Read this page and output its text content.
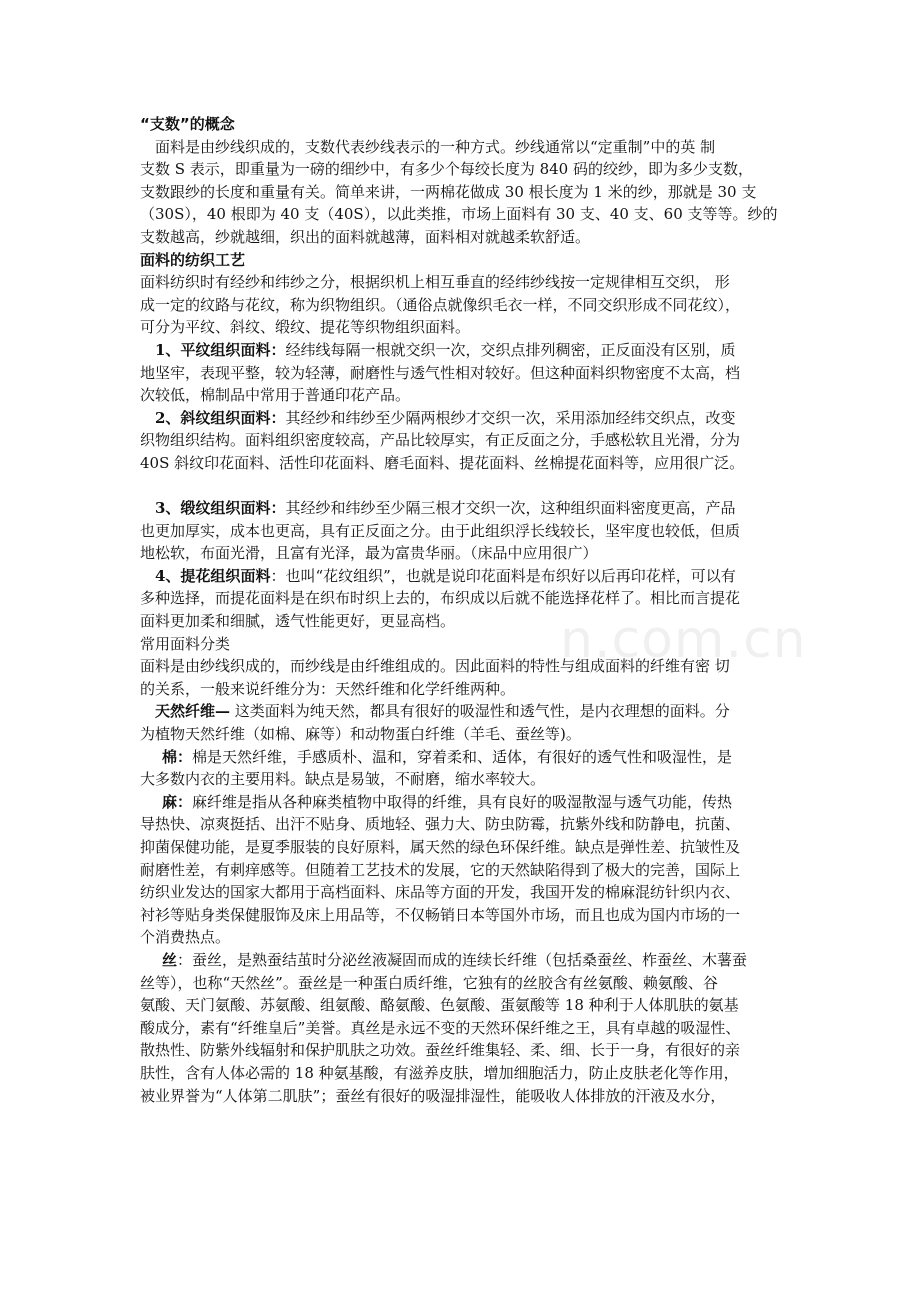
n.com.cn
“支数”的概念
面料是由纱线织成的，支数代表纱线表示的一种方式。纱线通常以“定重制”中的英 制
支数 S 表示，即重量为一磅的细纱中，有多少个每绞长度为 840 码的绞纱，即为多少支数，
支数跟纱的长度和重量有关。简单来讲，一两棉花做成 30 根长度为 1 米的纱，那就是 30 支
（30S），40 根即为 40 支（40S），以此类推，市场上面料有 30 支、40 支、60 支等等。纱的
支数越高，纱就越细，织出的面料就越薄，面料相对就越柔软舒适。
面料的纺织工艺
面料纺织时有经纱和纬纱之分，根据织机上相互垂直的经纬纱线按一定规律相互交织， 形
成一定的纹路与花纹，称为织物组织。（通俗点就像织毛衣一样，不同交织形成不同花纹），
可分为平纹、斜纹、缎纹、提花等织物组织面料。
1、平纹组织面料：经纬线每隔一根就交织一次，交织点排列稠密，正反面没有区别，质
地坚牢，表现平整，较为轻薄，耐磨性与透气性相对较好。但这种面料织物密度不太高，档
次较低，棉制品中常用于普通印花产品。
2、斜纹组织面料：其经纱和纬纱至少隔两根纱才交织一次，采用添加经纬交织点，改变
织物组织结构。面料组织密度较高，产品比较厚实，有正反面之分，手感松软且光滑，分为
40S 斜纹印花面料、活性印花面料、磨毛面料、提花面料、丝棉提花面料等，应用很广泛。
3、缎纹组织面料：其经纱和纬纱至少隔三根才交织一次，这种组织面料密度更高，产品
也更加厚实，成本也更高，具有正反面之分。由于此组织浮长线较长，坚牢度也较低，但质
地松软，布面光滑，且富有光泽，最为富贵华丽。（床品中应用很广）
4、提花组织面料：也叫“花纹组织”，也就是说印花面料是布织好以后再印花样，可以有
多种选择，而提花面料是在织布时织上去的，布织成以后就不能选择花样了。相比而言提花
面料更加柔和细腻，透气性能更好，更显高档。
常用面料分类
面料是由纱线织成的，而纱线是由纤维组成的。因此面料的特性与组成面料的纤维有密 切
的关系，一般来说纤维分为：天然纤维和化学纤维两种。
天然纤维— 这类面料为纯天然，都具有很好的吸湿性和透气性，是内衣理想的面料。分
为植物天然纤维（如棉、麻等）和动物蛋白纤维（羊毛、蚕丝等)。
棉：棉是天然纤维，手感质朴、温和，穿着柔和、适体，有很好的透气性和吸湿性，是
大多数内衣的主要用料。缺点是易皱，不耐磨，缩水率较大。
麻：麻纤维是指从各种麻类植物中取得的纤维，具有良好的吸湿散湿与透气功能，传热
导热快、凉爽挺括、出汗不贴身、质地轻、强力大、防虫防霉，抗紫外线和防静电，抗菌、
抑菌保健功能，是夏季服装的良好原料，属天然的绿色环保纤维。缺点是弹性差、抗皱性及
耐磨性差，有刺痒感等。但随着工艺技术的发展，它的天然缺陷得到了极大的完善，国际上
纺织业发达的国家大都用于高档面料、床品等方面的开发，我国开发的棉麻混纺针织内衣、
衬衫等贴身类保健服饰及床上用品等，不仅畅销日本等国外市场，而且也成为国内市场的一
个消费热点。
丝：蚕丝，是熟蚕结茧时分泌丝液凝固而成的连续长纤维（包括桑蚕丝、柞蚕丝、木薯蚕
丝等），也称“天然丝”。蚕丝是一种蛋白质纤维，它独有的丝胶含有丝氨酸、赖氨酸、谷
氨酸、天门氨酸、苏氨酸、组氨酸、酪氨酸、色氨酸、蛋氨酸等 18 种利于人体肌肤的氨基
酸成分，素有“纤维皇后”美誉。真丝是永远不变的天然环保纤维之王，具有卓越的吸湿性、
散热性、防紫外线辐射和保护肌肤之功效。蚕丝纤维集轻、柔、细、长于一身，有很好的亲
肤性，含有人体必需的 18 种氨基酸，有滋养皮肤，增加细胞活力，防止皮肤老化等作用，
被业界誉为“人体第二肌肤”；蚕丝有很好的吸湿排湿性，能吸收人体排放的汗液及水分，
